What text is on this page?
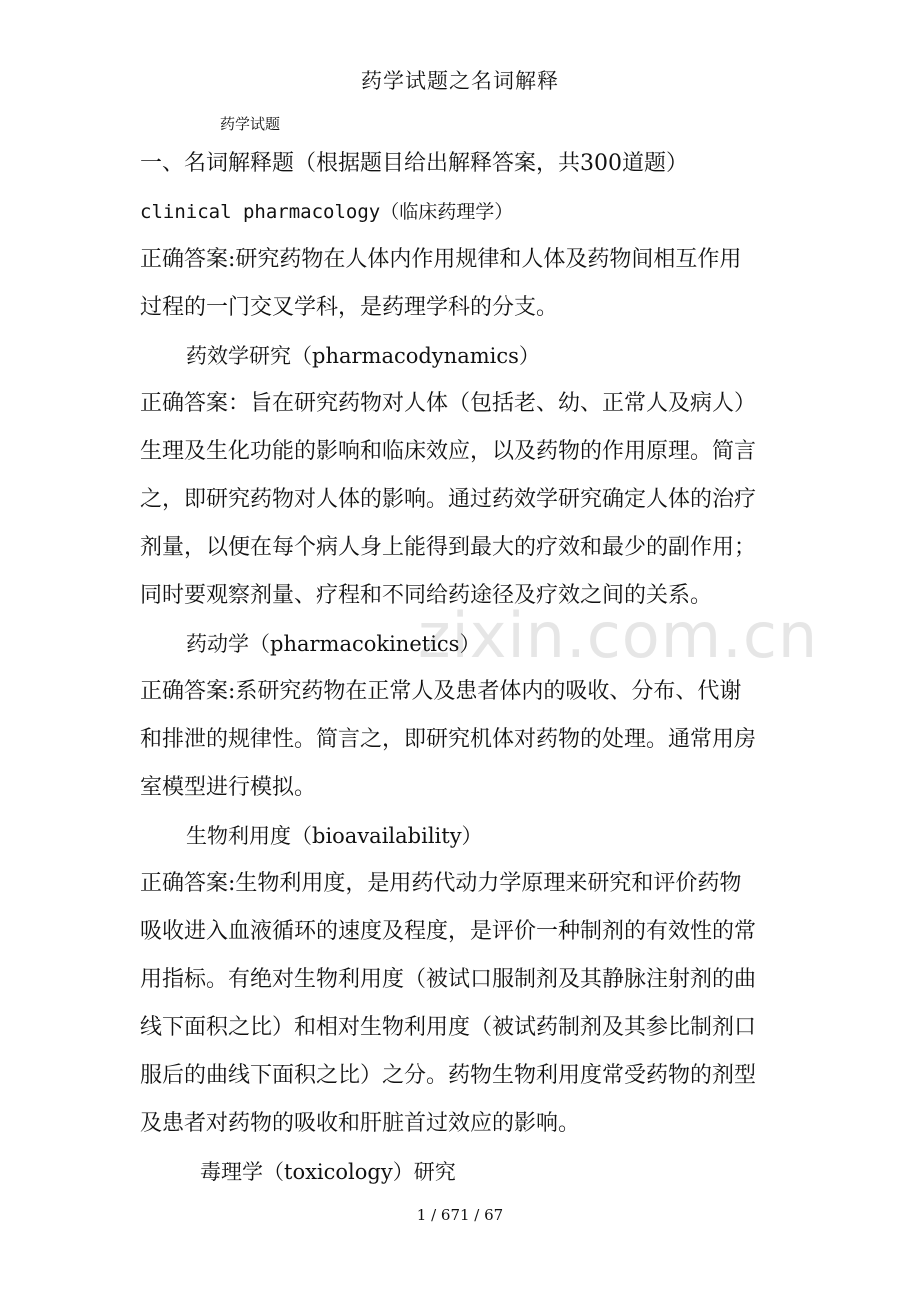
zixin.com.cn
药学试题之名词解释
药学试题
一、名词解释题（根据题目给出解释答案，共300道题）
clinical pharmacology（临床药理学）
正确答案:研究药物在人体内作用规律和人体及药物间相互作用
过程的一门交叉学科，是药理学科的分支。
药效学研究（pharmacodynamics）
正确答案：旨在研究药物对人体（包括老、幼、正常人及病人）
生理及生化功能的影响和临床效应，以及药物的作用原理。简言
之，即研究药物对人体的影响。通过药效学研究确定人体的治疗
剂量，以便在每个病人身上能得到最大的疗效和最少的副作用；
同时要观察剂量、疗程和不同给药途径及疗效之间的关系。
药动学（pharmacokinetics）
正确答案:系研究药物在正常人及患者体内的吸收、分布、代谢
和排泄的规律性。简言之，即研究机体对药物的处理。通常用房
室模型进行模拟。
生物利用度（bioavailability）
正确答案:生物利用度，是用药代动力学原理来研究和评价药物
吸收进入血液循环的速度及程度，是评价一种制剂的有效性的常
用指标。有绝对生物利用度（被试口服制剂及其静脉注射剂的曲
线下面积之比）和相对生物利用度（被试药制剂及其参比制剂口
服后的曲线下面积之比）之分。药物生物利用度常受药物的剂型
及患者对药物的吸收和肝脏首过效应的影响。
毒理学（toxicology）研究
1 / 671 / 67
